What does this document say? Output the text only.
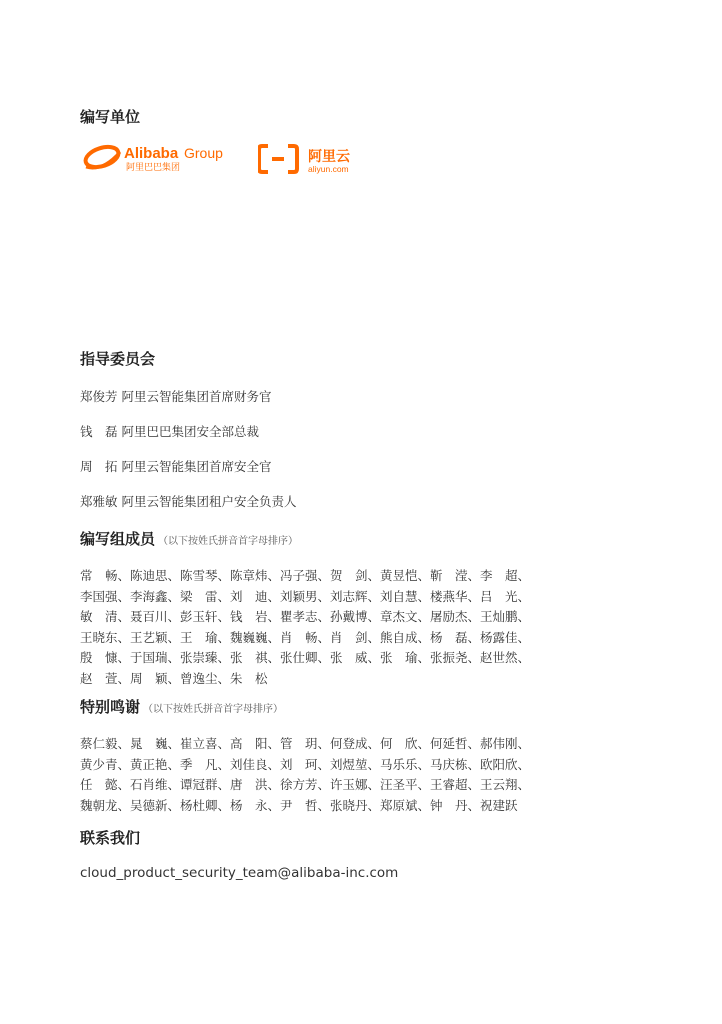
编写单位
Alibaba Group
阿里巴巴集团
阿里云
aliyun.com
指导委员会
郑俊芳 阿里云智能集团首席财务官
钱　磊 阿里巴巴集团安全部总裁
周　拓 阿里云智能集团首席安全官
郑雅敏 阿里云智能集团租户安全负责人
编写组成员 （以下按姓氏拼音首字母排序）
常　畅、陈迪思、陈雪琴、陈章炜、冯子强、贺　剑、黄昱恺、靳　滢、李　超、
李国强、李海鑫、梁　雷、刘　迪、刘颖男、刘志辉、刘自慧、楼燕华、吕　光、
敏　清、聂百川、彭玉轩、钱　岩、瞿孝志、孙戴博、章杰文、屠励杰、王灿鹏、
王晓东、王艺颖、王　瑜、魏巍巍、肖　畅、肖　剑、熊自成、杨　磊、杨露佳、
殷　慷、于国瑞、张崇臻、张　祺、张仕卿、张　威、张　瑜、张振尧、赵世然、
赵　萱、周　颖、曾逸尘、朱　松
特别鸣谢 （以下按姓氏拼音首字母排序）
蔡仁毅、晁　巍、崔立喜、高　阳、管　玥、何登成、何　欣、何延哲、郝伟刚、
黄少青、黄正艳、季　凡、刘佳良、刘　珂、刘煜堃、马乐乐、马庆栋、欧阳欣、
任　懿、石肖维、谭冠群、唐　洪、徐方芳、许玉娜、汪圣平、王睿超、王云翔、
魏朝龙、吴德新、杨杜卿、杨　永、尹　哲、张晓丹、郑原斌、钟　丹、祝建跃
联系我们
cloud_product_security_team@alibaba-inc.com
